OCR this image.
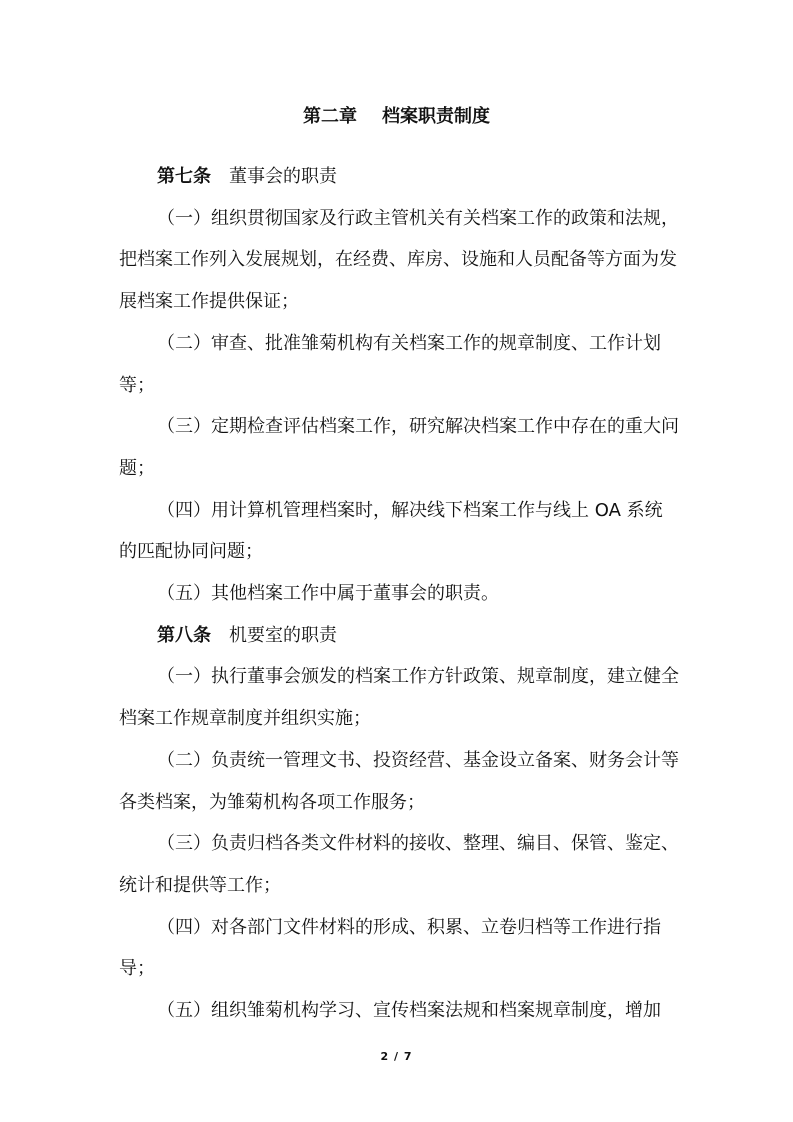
第二章    档案职责制度

第七条 董事会的职责

（一）组织贯彻国家及行政主管机关有关档案工作的政策和法规，把档案工作列入发展规划，在经费、库房、设施和人员配备等方面为发展档案工作提供保证；

（二）审查、批准雏菊机构有关档案工作的规章制度、工作计划等；

（三）定期检查评估档案工作，研究解决档案工作中存在的重大问题；

（四）用计算机管理档案时，解决线下档案工作与线上 OA 系统的匹配协同问题；

（五）其他档案工作中属于董事会的职责。

第八条 机要室的职责

（一）执行董事会颁发的档案工作方针政策、规章制度，建立健全档案工作规章制度并组织实施；

（二）负责统一管理文书、投资经营、基金设立备案、财务会计等各类档案，为雏菊机构各项工作服务；

（三）负责归档各类文件材料的接收、整理、编目、保管、鉴定、统计和提供等工作；

（四）对各部门文件材料的形成、积累、立卷归档等工作进行指导；

（五）组织雏菊机构学习、宣传档案法规和档案规章制度，增加

2 / 7
